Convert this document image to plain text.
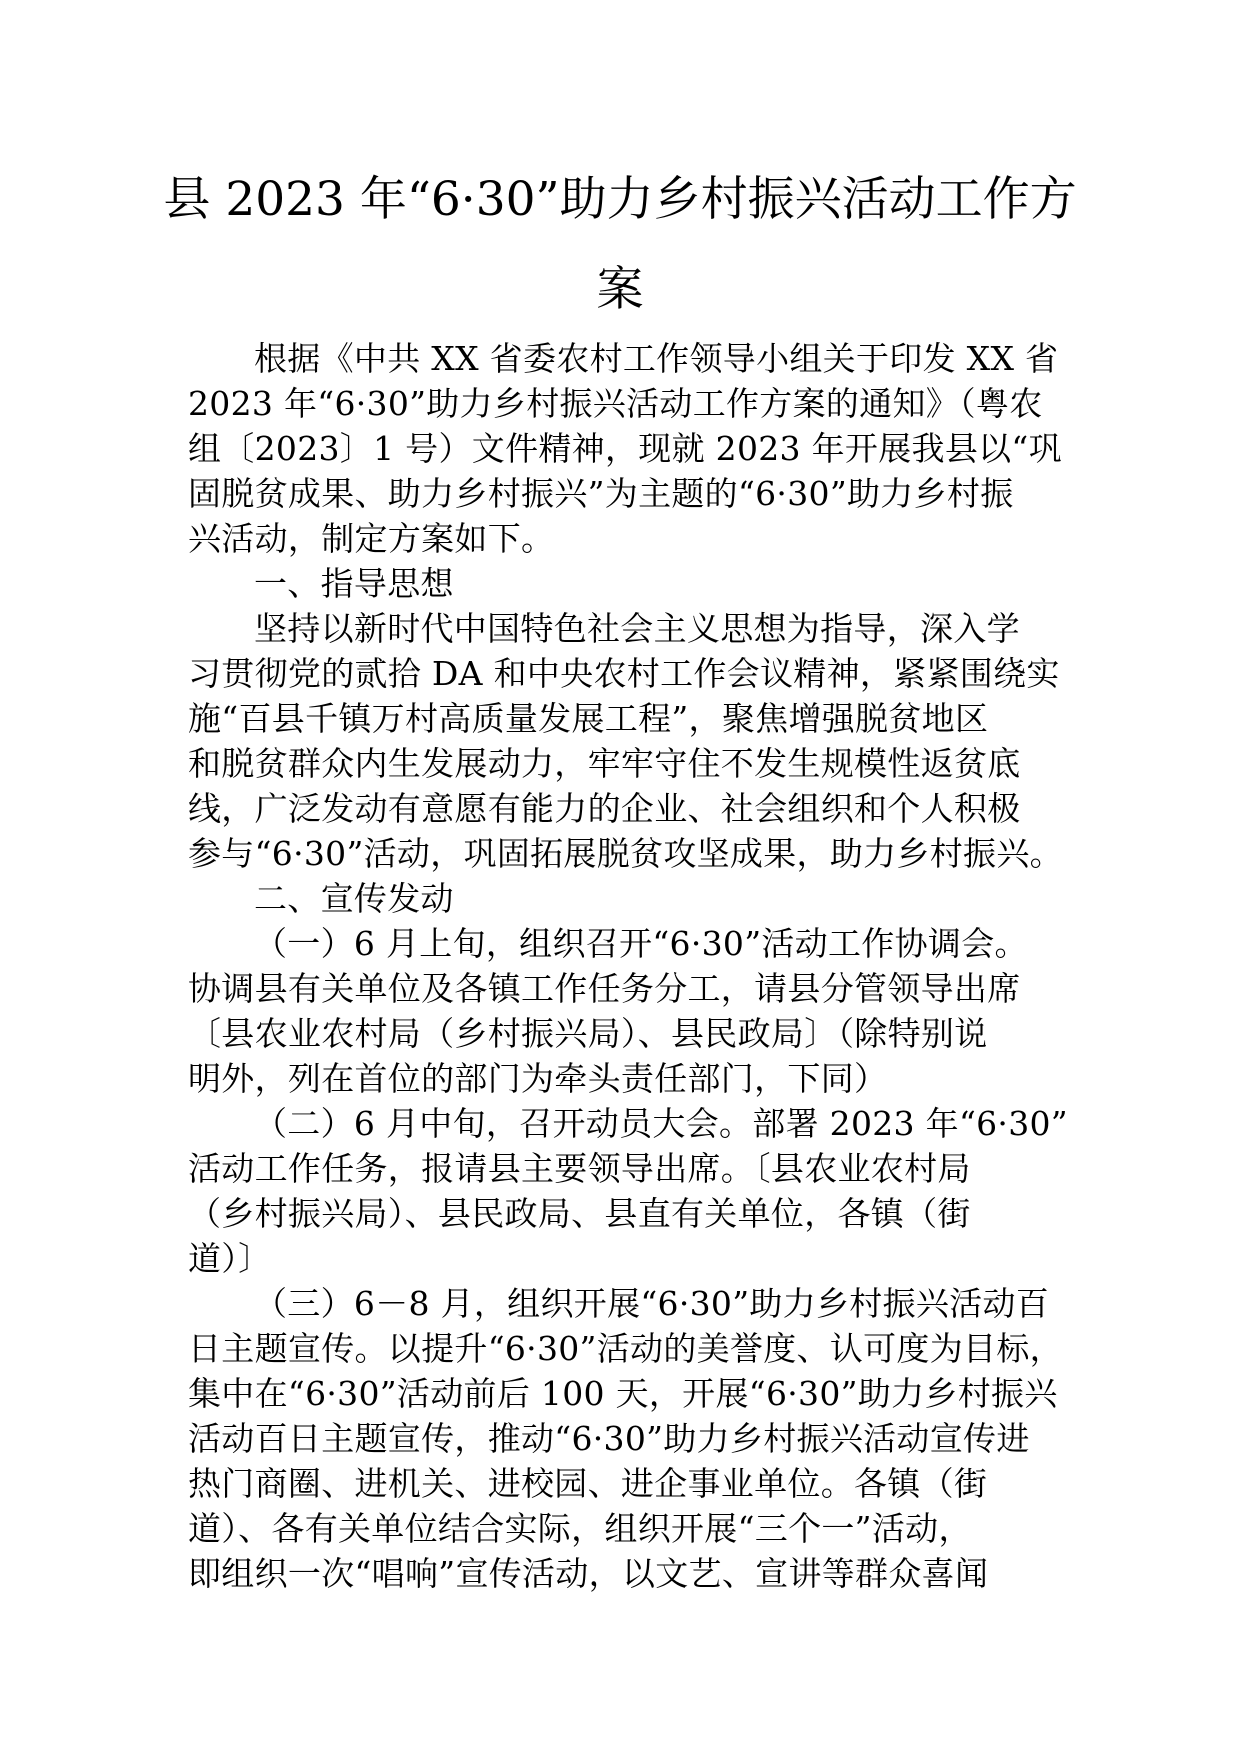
县 2023 年“6·30”助力乡村振兴活动工作方
案
根据《中共 XX 省委农村工作领导小组关于印发 XX 省
2023 年“6·30”助力乡村振兴活动工作方案的通知》（粤农
组〔2023〕1 号）文件精神，现就 2023 年开展我县以“巩
固脱贫成果、助力乡村振兴”为主题的“6·30”助力乡村振
兴活动，制定方案如下。
一、指导思想
坚持以新时代中国特色社会主义思想为指导，深入学
习贯彻党的贰拾 DA 和中央农村工作会议精神，紧紧围绕实
施“百县千镇万村高质量发展工程”，聚焦增强脱贫地区
和脱贫群众内生发展动力，牢牢守住不发生规模性返贫底
线，广泛发动有意愿有能力的企业、社会组织和个人积极
参与“6·30”活动，巩固拓展脱贫攻坚成果，助力乡村振兴。
二、宣传发动
（一）6 月上旬，组织召开“6·30”活动工作协调会。
协调县有关单位及各镇工作任务分工，请县分管领导出席
〔县农业农村局（乡村振兴局）、县民政局〕（除特别说
明外，列在首位的部门为牵头责任部门，下同）
（二）6 月中旬，召开动员大会。部署 2023 年“6·30”
活动工作任务，报请县主要领导出席。〔县农业农村局
（乡村振兴局）、县民政局、县直有关单位，各镇（街
道）〕
（三）6－8 月，组织开展“6·30”助力乡村振兴活动百
日主题宣传。以提升“6·30”活动的美誉度、认可度为目标，
集中在“6·30”活动前后 100 天，开展“6·30”助力乡村振兴
活动百日主题宣传，推动“6·30”助力乡村振兴活动宣传进
热门商圈、进机关、进校园、进企事业单位。各镇（街
道）、各有关单位结合实际，组织开展“三个一”活动，
即组织一次“唱响”宣传活动，以文艺、宣讲等群众喜闻
